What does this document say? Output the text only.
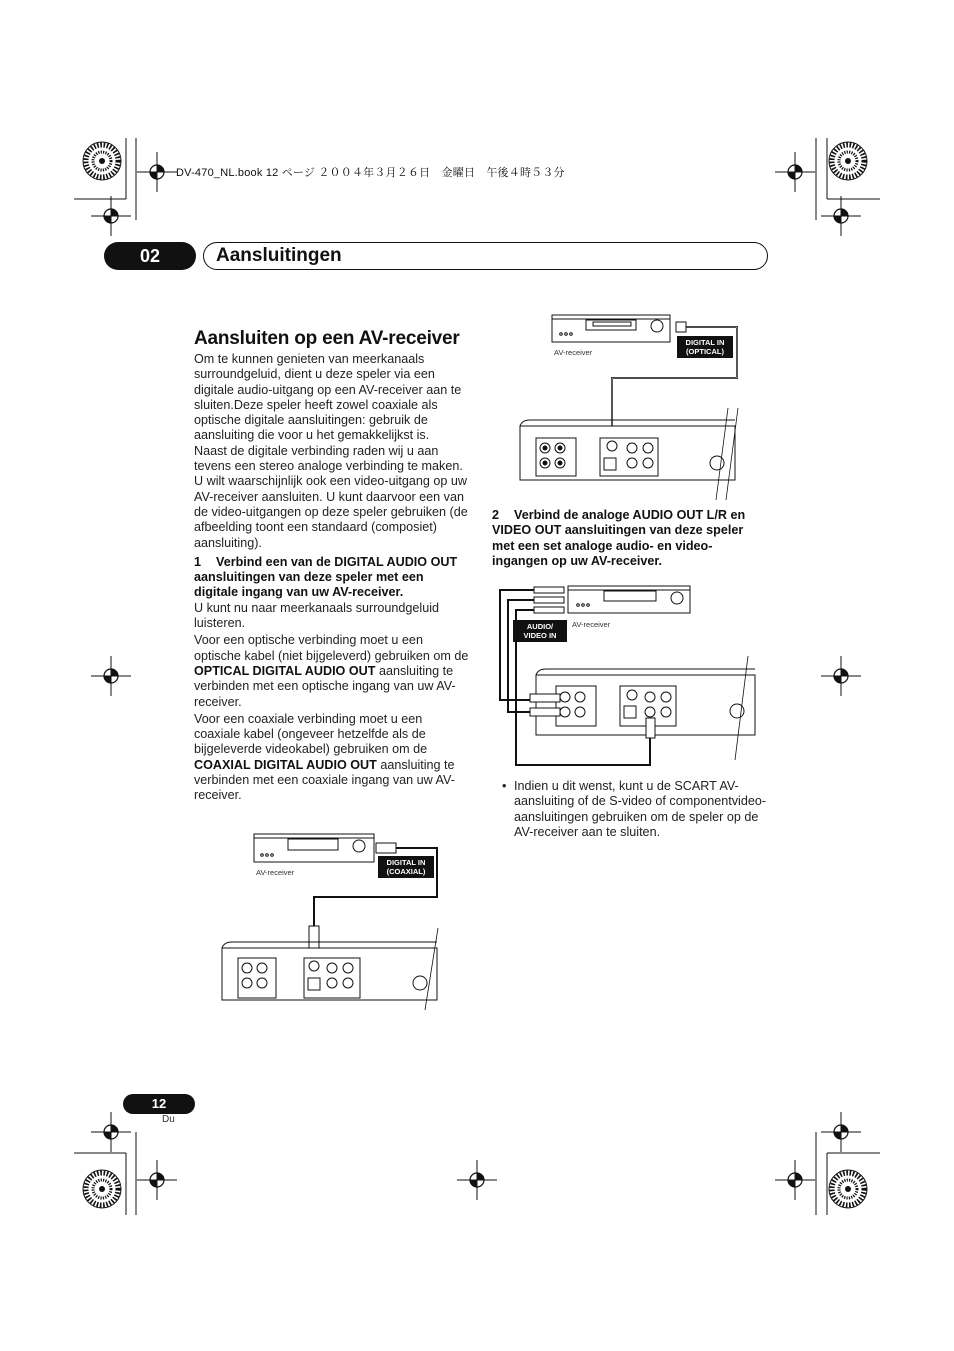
DV-470_NL.book 12 ページ ２００４年３月２６日　金曜日　午後４時５３分
02	Aansluitingen
Aansluiten op een AV-receiver

Om te kunnen genieten van meerkanaals surroundgeluid, dient u deze speler via een digitale audio-uitgang op een AV-receiver aan te sluiten.Deze speler heeft zowel coaxiale als optische digitale aansluitingen: gebruik de aansluiting die voor u het gemakkelijkst is.

Naast de digitale verbinding raden wij u aan tevens een stereo analoge verbinding te maken.

U wilt waarschijnlijk ook een video-uitgang op uw AV-receiver aansluiten. U kunt daarvoor een van de video-uitgangen op deze speler gebruiken (de afbeelding toont een standaard (composiet) aansluiting).

1 Verbind een van de DIGITAL AUDIO OUT aansluitingen van deze speler met een digitale ingang van uw AV-receiver.

U kunt nu naar meerkanaals surroundgeluid luisteren.

Voor een optische verbinding moet u een optische kabel (niet bijgeleverd) gebruiken om de OPTICAL DIGITAL AUDIO OUT aansluiting te verbinden met een optische ingang van uw AV-receiver.

Voor een coaxiale verbinding moet u een coaxiale kabel (ongeveer hetzelfde als de bijgeleverde videokabel) gebruiken om de COAXIAL DIGITAL AUDIO OUT aansluiting te verbinden met een coaxiale ingang van uw AV-receiver.

2 Verbind de analoge AUDIO OUT L/R en VIDEO OUT aansluitingen van deze speler met een set analoge audio- en video-ingangen op uw AV-receiver.
• Indien u dit wenst, kunt u de SCART AV-aansluiting of de S-video of componentvideo-aansluitingen gebruiken om de speler op de AV-receiver aan te sluiten.
AV-receiver
DIGITAL IN
(OPTICAL)
AUDIO/
VIDEO IN
AV-receiver
AV-receiver
DIGITAL IN
(COAXIAL)
12
Du
